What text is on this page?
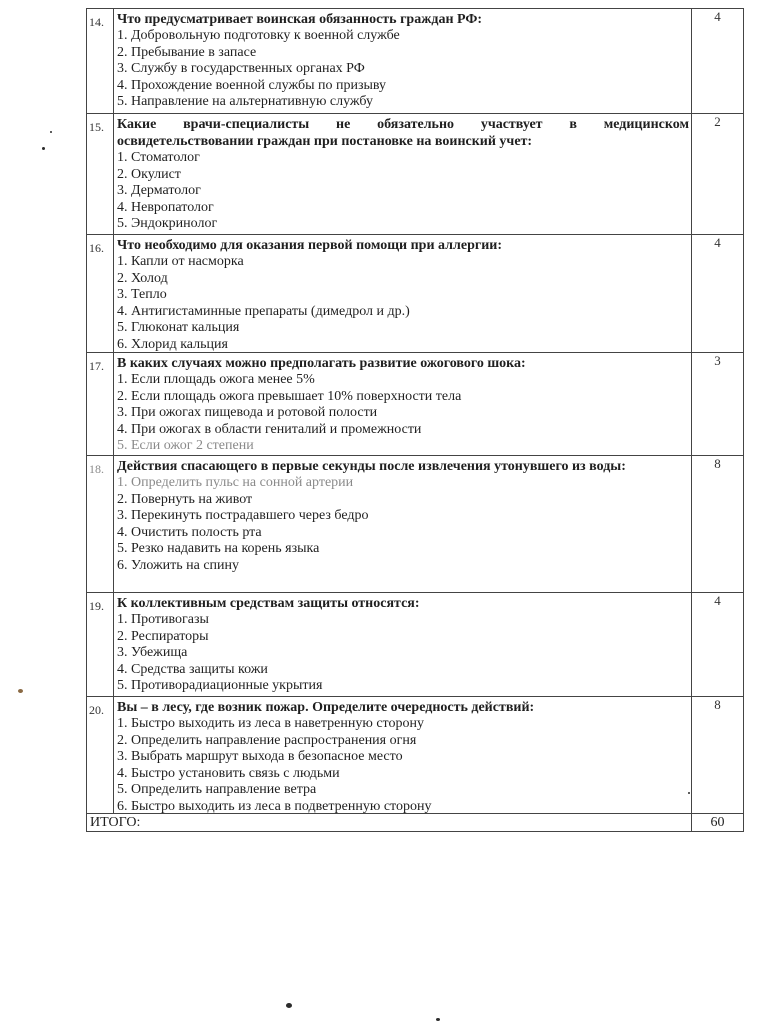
14. Что предусматривает воинская обязанность граждан РФ:
1. Добровольную подготовку к военной службе
2. Пребывание в запасе
3. Службу в государственных органах РФ
4. Прохождение военной службы по призыву
5. Направление на альтернативную службу
4
15. Какие врачи-специалисты не обязательно участвует в медицинском освидетельствовании граждан при постановке на воинский учет:
1. Стоматолог
2. Окулист
3. Дерматолог
4. Невропатолог
5. Эндокринолог
2
16. Что необходимо для оказания первой помощи при аллергии:
1. Капли от насморка
2. Холод
3. Тепло
4. Антигистаминные препараты (димедрол и др.)
5. Глюконат кальция
6. Хлорид кальция
4
17. В каких случаях можно предполагать развитие ожогового шока:
1. Если площадь ожога менее 5%
2. Если площадь ожога превышает 10% поверхности тела
3. При ожогах пищевода и ротовой полости
4. При ожогах в области гениталий и промежности
5. Если ожог 2 степени
3
18. Действия спасающего в первые секунды после извлечения утонувшего из воды:
1. Определить пульс на сонной артерии
2. Повернуть на живот
3. Перекинуть пострадавшего через бедро
4. Очистить полость рта
5. Резко надавить на корень языка
6. Уложить на спину
8
19. К коллективным средствам защиты относятся:
1. Противогазы
2. Респираторы
3. Убежища
4. Средства защиты кожи
5. Противорадиационные укрытия
4
20. Вы – в лесу, где возник пожар. Определите очередность действий:
1. Быстро выходить из леса в наветренную сторону
2. Определить направление распространения огня
3. Выбрать маршрут выхода в безопасное место
4. Быстро установить связь с людьми
5. Определить направление ветра
6. Быстро выходить из леса в подветренную сторону
8
ИТОГО:	60
